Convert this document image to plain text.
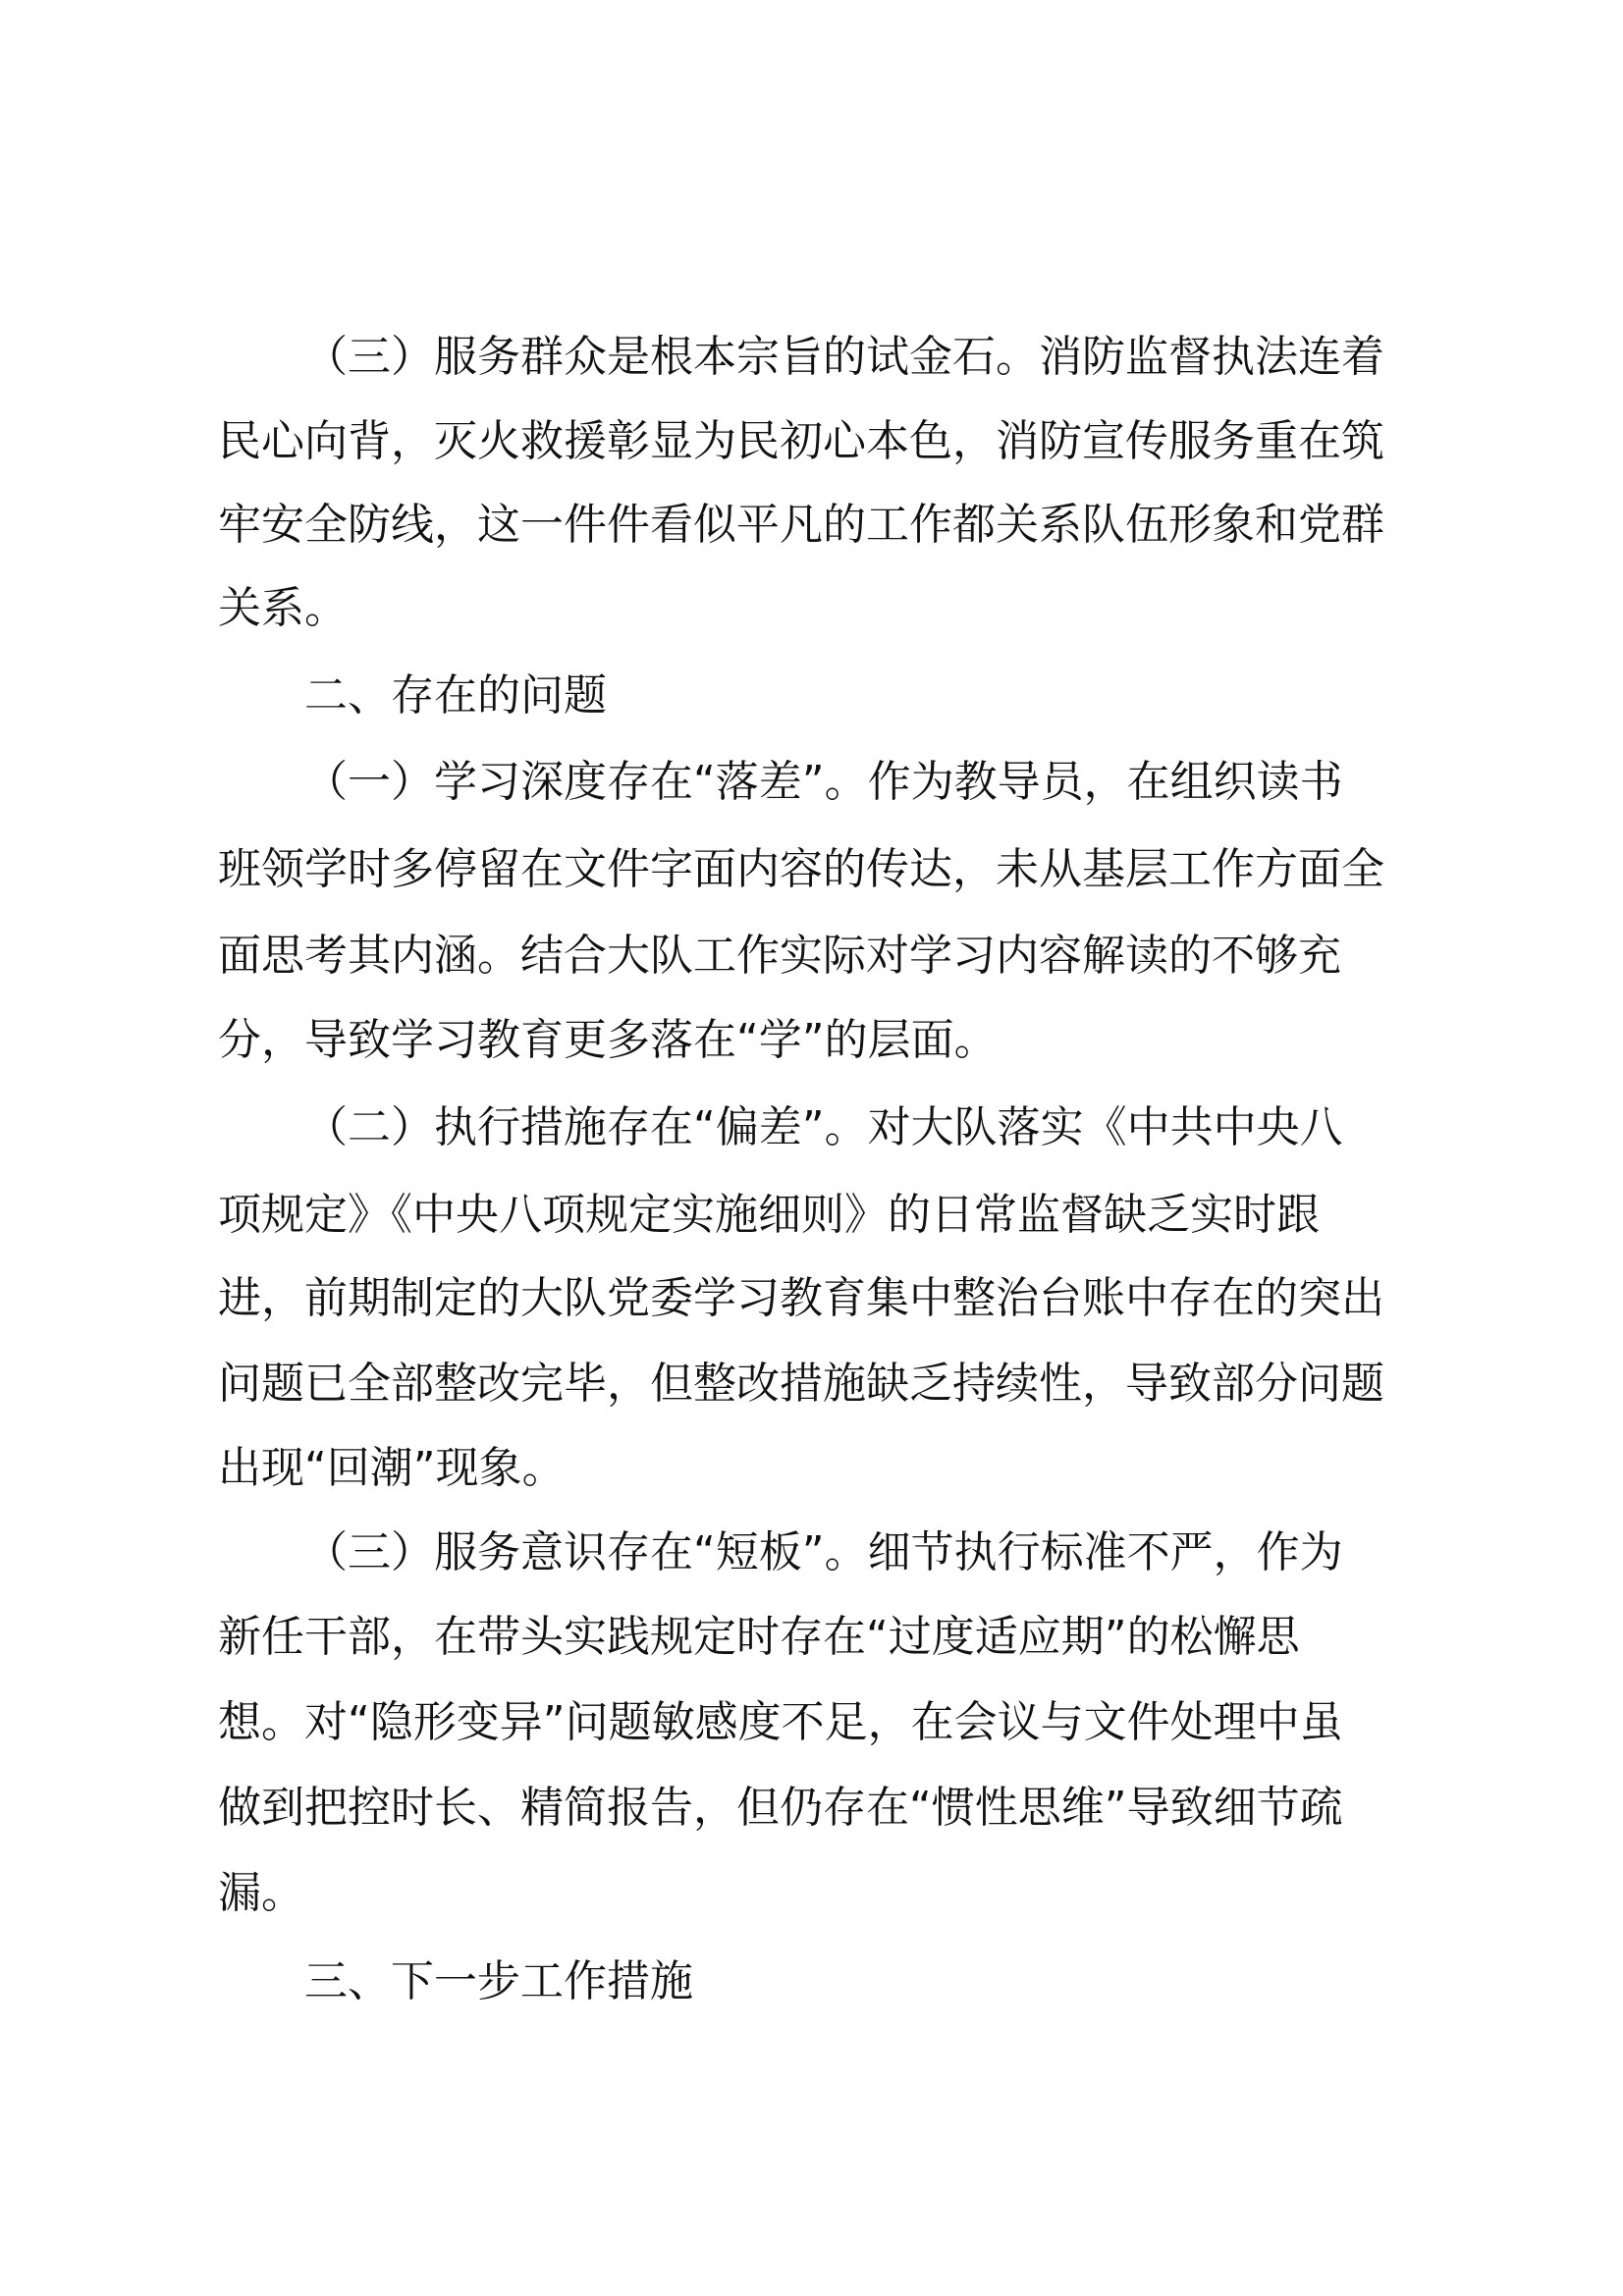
（三）服务群众是根本宗旨的试金石。消防监督执法连着
民心向背，灭火救援彰显为民初心本色，消防宣传服务重在筑
牢安全防线，这一件件看似平凡的工作都关系队伍形象和党群
关系。
二、存在的问题
（一）学习深度存在“落差”。作为教导员，在组织读书
班领学时多停留在文件字面内容的传达，未从基层工作方面全
面思考其内涵。结合大队工作实际对学习内容解读的不够充
分，导致学习教育更多落在“学”的层面。
（二）执行措施存在“偏差”。对大队落实《中共中央八
项规定》《中央八项规定实施细则》的日常监督缺乏实时跟
进，前期制定的大队党委学习教育集中整治台账中存在的突出
问题已全部整改完毕，但整改措施缺乏持续性，导致部分问题
出现“回潮”现象。
（三）服务意识存在“短板”。细节执行标准不严，作为
新任干部，在带头实践规定时存在“过度适应期”的松懈思
想。对“隐形变异”问题敏感度不足，在会议与文件处理中虽
做到把控时长、精简报告，但仍存在“惯性思维”导致细节疏
漏。
三、下一步工作措施
